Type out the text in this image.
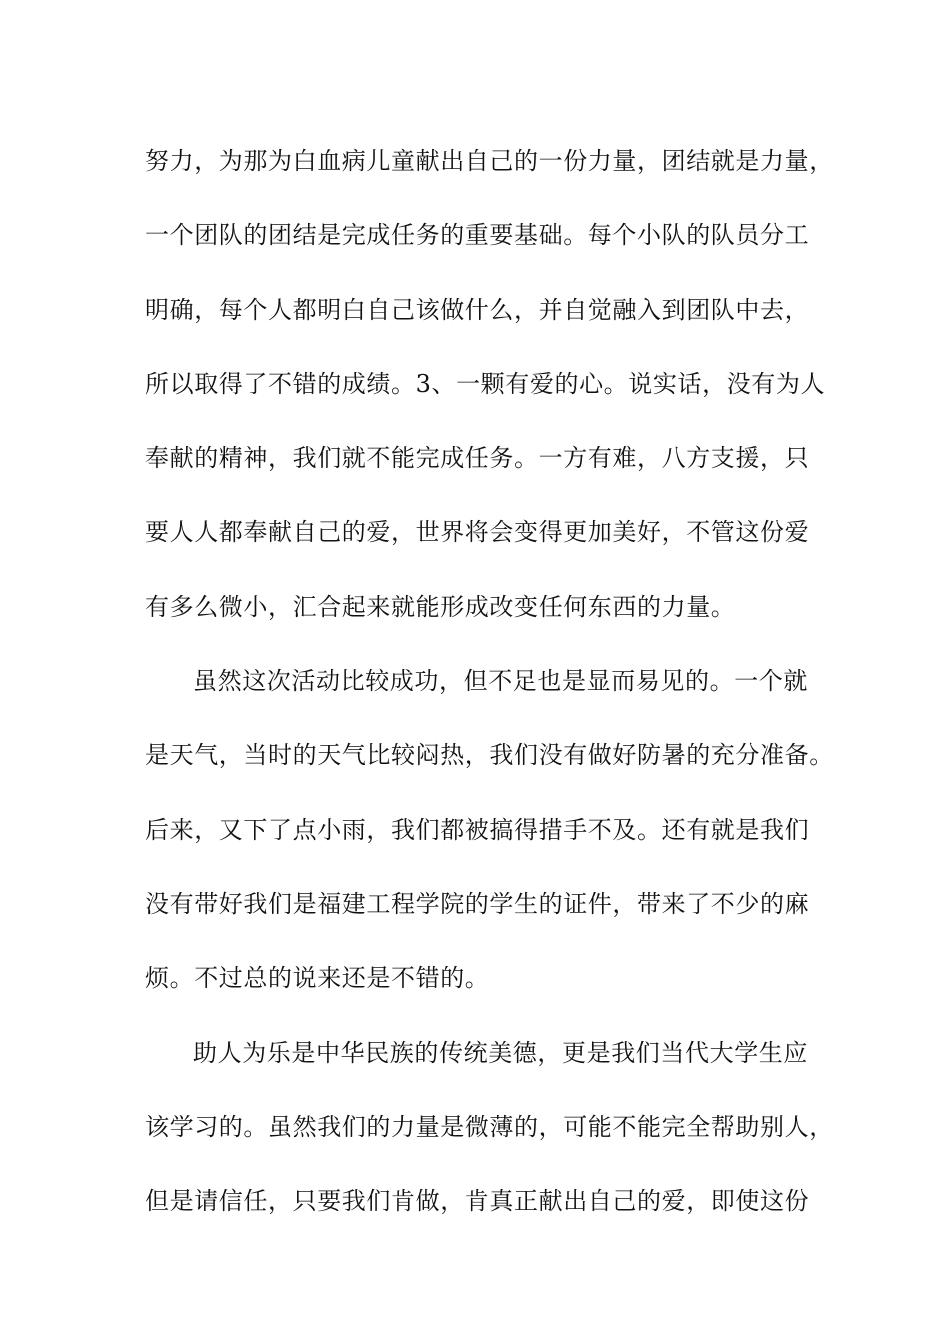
努力，为那为白血病儿童献出自己的一份力量，团结就是力量，
一个团队的团结是完成任务的重要基础。每个小队的队员分工
明确，每个人都明白自己该做什么，并自觉融入到团队中去，
所以取得了不错的成绩。3、一颗有爱的心。说实话，没有为人
奉献的精神，我们就不能完成任务。一方有难，八方支援，只
要人人都奉献自己的爱，世界将会变得更加美好，不管这份爱
有多么微小，汇合起来就能形成改变任何东西的力量。
虽然这次活动比较成功，但不足也是显而易见的。一个就
是天气，当时的天气比较闷热，我们没有做好防暑的充分准备。
后来，又下了点小雨，我们都被搞得措手不及。还有就是我们
没有带好我们是福建工程学院的学生的证件，带来了不少的麻
烦。不过总的说来还是不错的。
助人为乐是中华民族的传统美德，更是我们当代大学生应
该学习的。虽然我们的力量是微薄的，可能不能完全帮助别人，
但是请信任，只要我们肯做，肯真正献出自己的爱，即使这份
